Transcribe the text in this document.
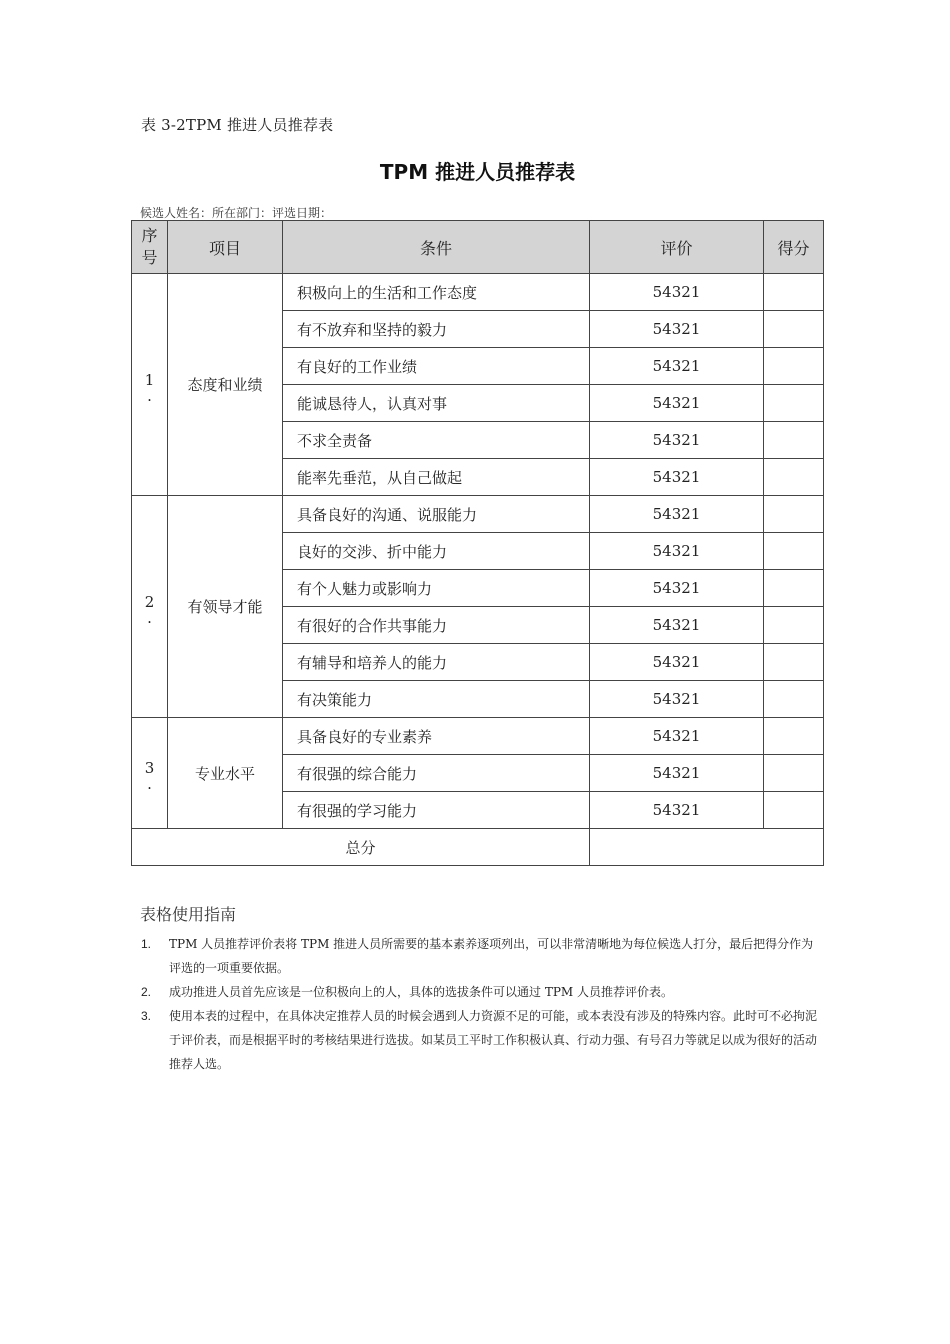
表 3-2TPM 推进人员推荐表
TPM 推进人员推荐表
候选人姓名：所在部门：评选日期：
序号	项目	条件	评价	得分

1
.	态度和业绩	积极向上的生活和工作态度	54321	
		有不放弃和坚持的毅力	54321	
		有良好的工作业绩	54321	
		能诚恳待人，认真对事	54321	
		不求全责备	54321	
		能率先垂范，从自己做起	54321	

2
.	有领导才能	具备良好的沟通、说服能力	54321	
		良好的交涉、折中能力	54321	
		有个人魅力或影响力	54321	
		有很好的合作共事能力	54321	
		有辅导和培养人的能力	54321	
		有决策能力	54321	

3
.	专业水平	具备良好的专业素养	54321	
		有很强的综合能力	54321	
		有很强的学习能力	54321	
总分				
表格使用指南
1. TPM 人员推荐评价表将 TPM 推进人员所需要的基本素养逐项列出，可以非常清晰地为每位候选人打分，最后把得分作为评选的一项重要依据。
2. 成功推进人员首先应该是一位积极向上的人，具体的选拔条件可以通过 TPM 人员推荐评价表。
3. 使用本表的过程中，在具体决定推荐人员的时候会遇到人力资源不足的可能，或本表没有涉及的特殊内容。此时可不必拘泥于评价表，而是根据平时的考核结果进行选拔。如某员工平时工作积极认真、行动力强、有号召力等就足以成为很好的活动推荐人选。
